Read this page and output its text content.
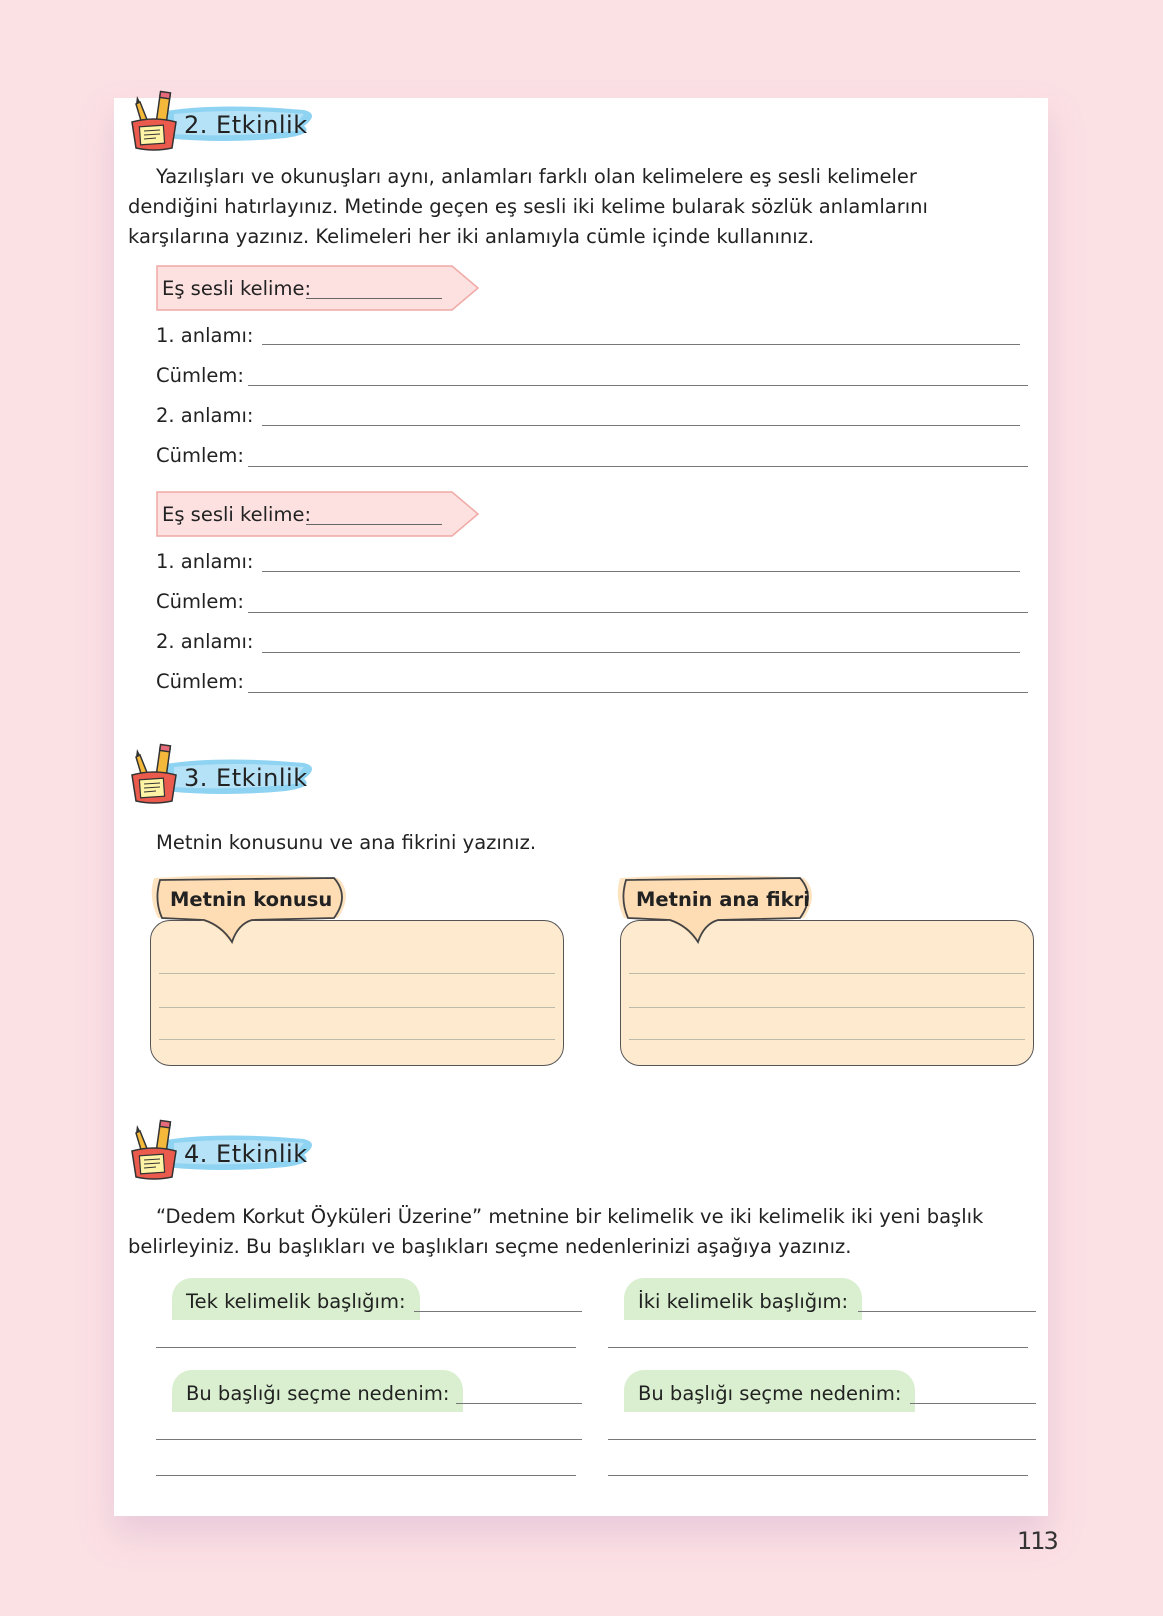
2. Etkinlik
Yazılışları ve okunuşları aynı, anlamları farklı olan kelimelere eş sesli kelimeler dendiğini hatırlayınız. Metinde geçen eş sesli iki kelime bularak sözlük anlamlarını karşılarına yazınız. Kelimeleri her iki anlamıyla cümle içinde kullanınız.
Eş sesli kelime:
1. anlamı:
Cümlem:
2. anlamı:
Cümlem:
Eş sesli kelime:
1. anlamı:
Cümlem:
2. anlamı:
Cümlem:
3. Etkinlik
Metnin konusunu ve ana fikrini yazınız.
Metnin konusu	Metnin ana fikri
4. Etkinlik
“Dedem Korkut Öyküleri Üzerine” metnine bir kelimelik ve iki kelimelik iki yeni başlık belirleyiniz. Bu başlıkları ve başlıkları seçme nedenlerinizi aşağıya yazınız.
Tek kelimelik başlığım:
Bu başlığı seçme nedenim:
İki kelimelik başlığım:
Bu başlığı seçme nedenim:
113
